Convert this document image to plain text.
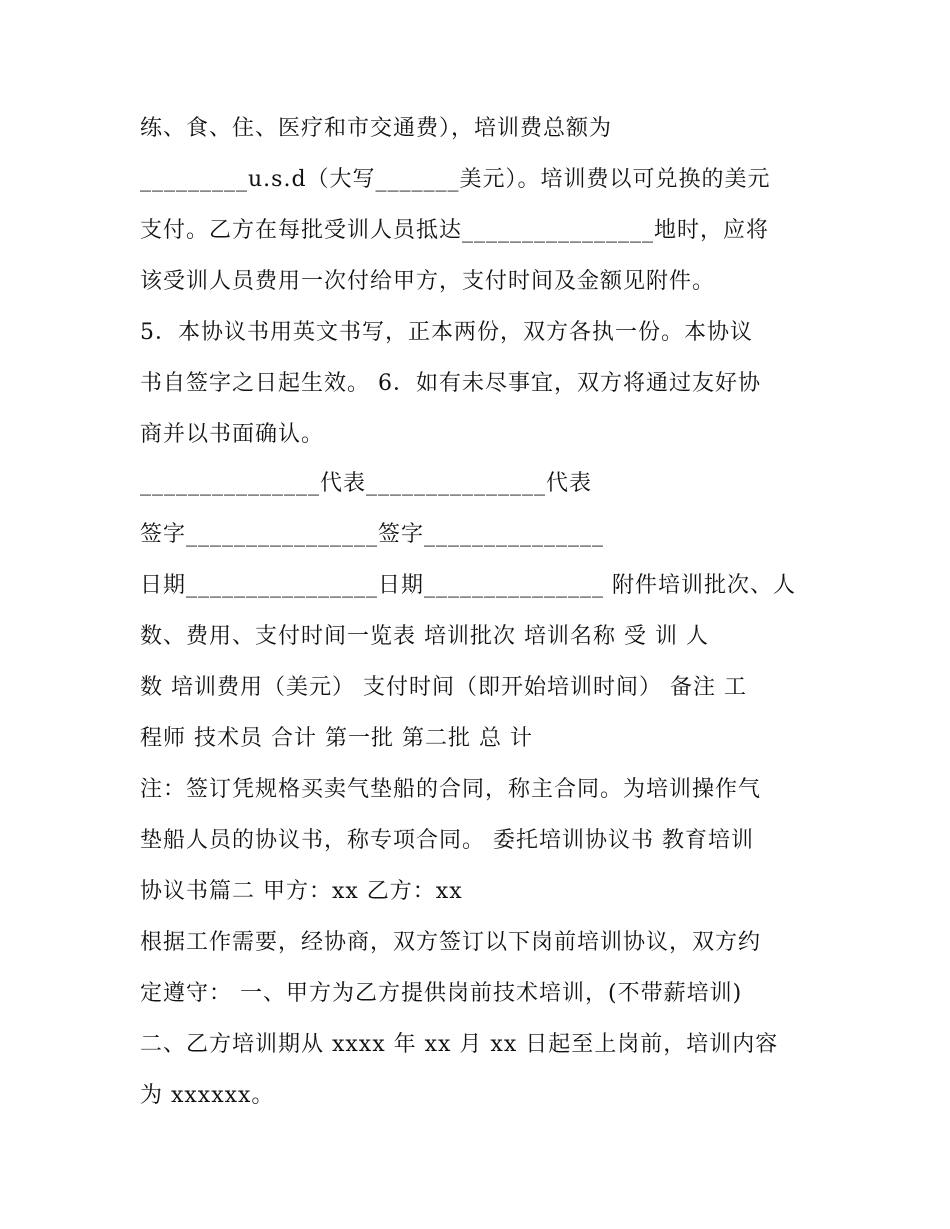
练、食、住、医疗和市交通费），培训费总额为
_________u.s.d（大写_______美元）。培训费以可兑换的美元
支付。乙方在每批受训人员抵达________________地时，应将
该受训人员费用一次付给甲方，支付时间及金额见附件。
5．本协议书用英文书写，正本两份，双方各执一份。本协议
书自签字之日起生效。 6．如有未尽事宜，双方将通过友好协
商并以书面确认。
_______________代表_______________代表
签字________________签字_______________
日期________________日期_______________ 附件培训批次、人
数、费用、支付时间一览表 培训批次 培训名称 受 训 人
数 培训费用（美元） 支付时间（即开始培训时间） 备注 工
程师 技术员 合计 第一批 第二批 总 计
注：签订凭规格买卖气垫船的合同，称主合同。为培训操作气
垫船人员的协议书，称专项合同。 委托培训协议书 教育培训
协议书篇二 甲方：xx 乙方：xx
根据工作需要，经协商，双方签订以下岗前培训协议，双方约
定遵守： 一、甲方为乙方提供岗前技术培训，(不带薪培训)
二、乙方培训期从 xxxx 年 xx 月 xx 日起至上岗前，培训内容
为 xxxxxx。
